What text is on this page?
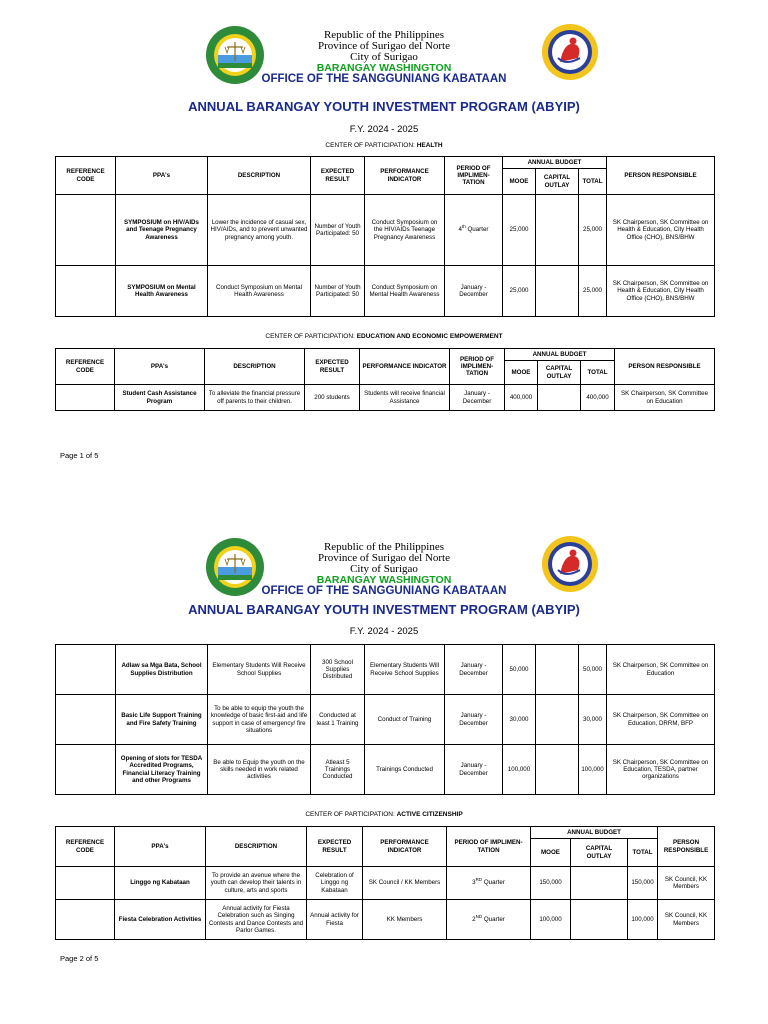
Republic of the Philippines
Province of Surigao del Norte
City of Surigao
BARANGAY WASHINGTON
OFFICE OF THE SANGGUNIANG KABATAAN
ANNUAL BARANGAY YOUTH INVESTMENT PROGRAM (ABYIP)
F.Y. 2024 - 2025
CENTER OF PARTICIPATION: HEALTH
REFERENCE CODE	PPA's	DESCRIPTION	EXPECTED RESULT	PERFORMANCE INDICATOR	PERIOD OF IMPLIMEN-TATION	ANNUAL BUDGET			PERSON RESPONSIBLE
						MOOE	CAPITAL OUTLAY	TOTAL	
	SYMPOSIUM on HIV/AIDs and Teenage Pregnancy Awareness	Lower the incidence of casual sex, HIV/AIDs, and to prevent unwanted pregnancy among youth.	Number of Youth Participated: 50	Conduct Symposium on the HIV/AIDs Teenage Pregnancy Awareness	4th Quarter	25,000		25,000	SK Chairperson, SK Committee on Health & Education, City Health Office (CHO), BNS/BHW
	SYMPOSIUM on Mental Health Awareness	Conduct Symposium on Mental Health Awareness	Number of Youth Participated: 50	Conduct Symposium on Mental Health Awareness	January - December	25,000		25,000	SK Chairperson, SK Committee on Health & Education, City Health Office (CHO), BNS/BHW
CENTER OF PARTICIPATION: EDUCATION AND ECONOMIC EMPOWERMENT
REFERENCE CODE	PPA's	DESCRIPTION	EXPECTED RESULT	PERFORMANCE INDICATOR	PERIOD OF IMPLIMEN-TATION	ANNUAL BUDGET			PERSON RESPONSIBLE
						MOOE	CAPITAL OUTLAY	TOTAL	
	Student Cash Assistance Program	To alleviate the financial pressure off parents to their children.	200 students	Students will receive financial Assistance	January - December	400,000		400,000	SK Chairperson, SK Committee on Education
Page 1 of 5
Republic of the Philippines
Province of Surigao del Norte
City of Surigao
BARANGAY WASHINGTON
OFFICE OF THE SANGGUNIANG KABATAAN
ANNUAL BARANGAY YOUTH INVESTMENT PROGRAM (ABYIP)
F.Y. 2024 - 2025
	Adlaw sa Mga Bata, School Supplies Distribution	Elementary Students Will Receive School Supplies	300 School Supplies Distributed	Elementary Students Will Receive School Supplies	January - December	50,000		50,000	SK Chairperson, SK Committee on Education
	Basic Life Support Training and Fire Safety Training	To be able to equip the youth the knowledge of basic first-aid and life support in case of emergency/ fire situations	Conducted at least 1 Training	Conduct of Training	January - December	30,000		30,000	SK Chairperson, SK Committee on Education, DRRM, BFP
	Opening of slots for TESDA Accredited Programs, Financial Literacy Training and other Programs	Be able to Equip the youth on the skills needed in work related activities	Atleast 5 Trainings Conducted	Trainings Conducted	January - December	100,000		100,000	SK Chairperson, SK Committee on Education, TESDA, partner organizations
CENTER OF PARTICIPATION: ACTIVE CITIZENSHIP
REFERENCE CODE	PPA's	DESCRIPTION	EXPECTED RESULT	PERFORMANCE INDICATOR	PERIOD OF IMPLIMEN-TATION	ANNUAL BUDGET			PERSON RESPONSIBLE
						MOOE	CAPITAL OUTLAY	TOTAL	
	Linggo ng Kabataan	To provide an avenue where the youth can develop their talents in culture, arts and sports	Celebration of Linggo ng Kabataan	SK Council / KK Members	3RD Quarter	150,000		150,000	SK Council, KK Members
	Fiesta Celebration Activities	Annual activity for Fiesta Celebration such as Singing Contests and Dance Contests and Parlor Games.	Annual activity for Fiesta	KK Members	2ND Quarter	100,000		100,000	SK Council, KK Members
Page 2 of 5
